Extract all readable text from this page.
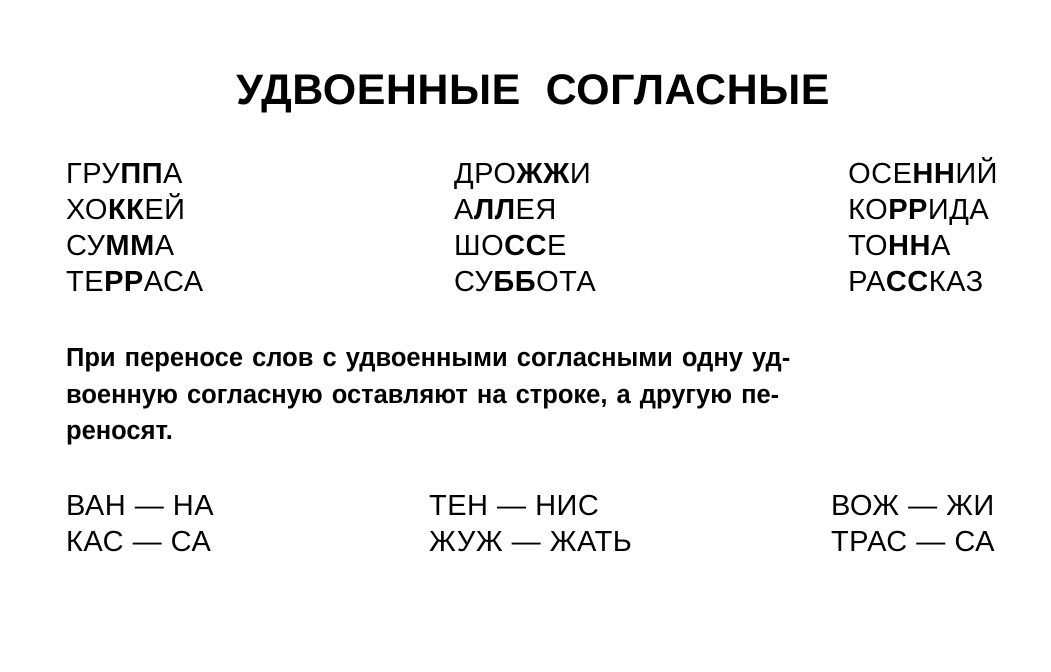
УДВОЕННЫЕ  СОГЛАСНЫЕ
ГРУППА
ХОККЕЙ
СУММА
ТЕРРАСА
ДРОЖЖИ
АЛЛЕЯ
ШОССЕ
СУББОТА
ОСЕННИЙ
КОРРИДА
ТОННА
РАССКАЗ
При переносе слов с удвоенными согласными одну уд-
военную согласную оставляют на строке, а другую пе-
реносят.
ВАН — НА
КАС — СА
ТЕН — НИС
ЖУЖ — ЖАТЬ
ВОЖ — ЖИ
ТРАС — СА
